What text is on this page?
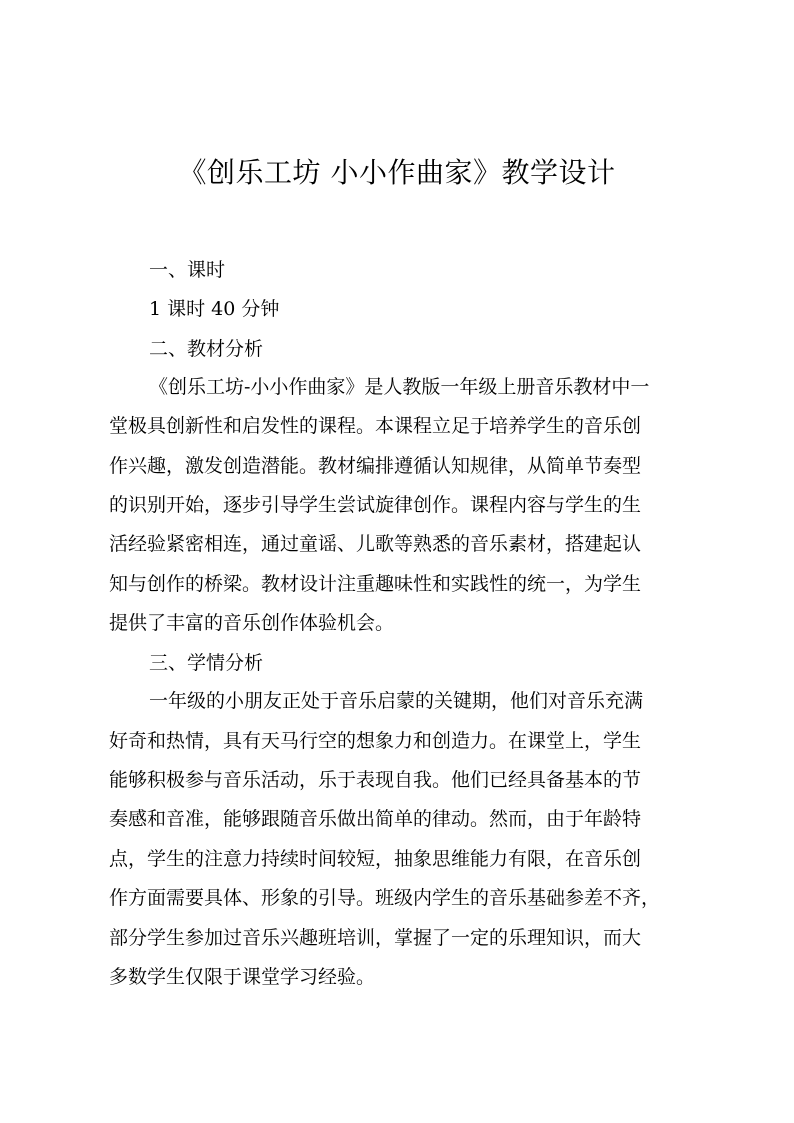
《创乐工坊 小小作曲家》教学设计
一、课时
1 课时 40 分钟
二、教材分析
《创乐工坊-小小作曲家》是人教版一年级上册音乐教材中一
堂极具创新性和启发性的课程。本课程立足于培养学生的音乐创
作兴趣，激发创造潜能。教材编排遵循认知规律，从简单节奏型
的识别开始，逐步引导学生尝试旋律创作。课程内容与学生的生
活经验紧密相连，通过童谣、儿歌等熟悉的音乐素材，搭建起认
知与创作的桥梁。教材设计注重趣味性和实践性的统一，为学生
提供了丰富的音乐创作体验机会。
三、学情分析
一年级的小朋友正处于音乐启蒙的关键期，他们对音乐充满
好奇和热情，具有天马行空的想象力和创造力。在课堂上，学生
能够积极参与音乐活动，乐于表现自我。他们已经具备基本的节
奏感和音准，能够跟随音乐做出简单的律动。然而，由于年龄特
点，学生的注意力持续时间较短，抽象思维能力有限，在音乐创
作方面需要具体、形象的引导。班级内学生的音乐基础参差不齐，
部分学生参加过音乐兴趣班培训，掌握了一定的乐理知识，而大
多数学生仅限于课堂学习经验。
